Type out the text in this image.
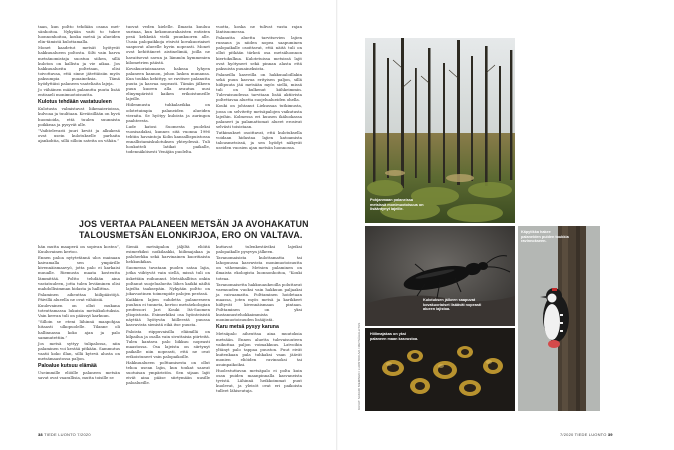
taan, kun poltto tehdään osana met-sänhoitoa. Nykyään vaiti to tukee luonnonhoitoa, koska metsä ja alueiden elin-tämistä kulottamalla.

Monet kaadetut metsät hyötyvät hakkuualueen poltosta. Silti vain harva metsänomistaja suostuu siihen, sillä kuloton on kallista ja vie aikaa. Jos hakkuualueita poltetaan, olisi toivottavaa, että sinne jätettäisiin myös paksumpia puuaineksia. Tämä hyödyttäisi palaneen vaateliaita lajeja.

Jo vähäinen määrä palanutta puuta lisää entisaeli monimuotoisuutta.

Kulotus tehdään vastatuuleen

Kulotusta valmistavat liikenaierioissa, kulvoaa ja tuulitaan. Keväisillään on hyvä huomioida, että tuulen suunnista poikkeaa ja pysyvät alle.

”Vaihtelevasti juuri kevät ja alkukesä ovat usein kulotukselle parhaita ajankohtia, sillä silloin sateita on vähän.”

tuovat veden kielelle. Ilmasta kuuluu surinaa, kun kekomuurahaisten entisten pesä kehkeää vielä puunkuoren alle. Uusia palopaikkoja etsivät kovakuoriaiset saapuvat alueelle hyvin nopeasti. Monet ovat kehittäneet aistinelimiä, joilla ne havaitsevat savun ja lämmön kymmenien kilometrien päästä.

Kovakuoriaisnaaras hakeaa lyhyen palaneen kannon, johon laskea munansa. Kun toukka kehittyy, se ravitsee palanutta puuta ja kasvaa nopeasti. Tämän jälkeen puun kuoren alla avautuu uusi elinympäristö kaiken erikoistuneille lajeille.

Hiilenmusta tuhkalaeikka on odotetuimpia palaneiden alueiden vieraita. Se hyötyy kuloista ja auringon paahteesta.

Lude katosi Suomesta puoleksi vuosisadaksi, kunnes sitä vuonna 1996 tehtiin havaintoja Kolin kansallispuistossa ennallistamiskulotuksen yhteydessä. Tuli houkutteli latikat paikalle, todennäköisesti Venäjän puolelta.

hän mutta maaperä on sopivan kostea”, Kuuluvainen kertoo.

Ennen paloa nytytetännä ulos mainaan kaivamalla sen ympärille kivennäismaavyö, jotta palo ei karkaisi muualle. Riemusta maata kosteutta lämmittää. Poltto tehdään aina vastatuuleen, jotta tulen leviäminen olisi mahdollisimman hidasta ja hallittua.

Palaminen aiheuttaa hiilipäästöjä. Päivillä alueella ne ovat vähäisiä.

Kuulevainen on ollut mukana toteuttamassa lukuisia metsäkulotuksia. Vain kerran tuli on päässyt karkuun.

”Silloin se eteni lähinnä maapohjaa hitaasti ulkopuolelle. Tilanne oli hallinnassa koko ajan ja palo sammutettiin.”

Jos metsä syttyy tulipalossa, niin palaminen voi kestää pitkään. Sammutus vaatii koko illan, sillä kytevä alusta on metsämaastossa paljon.

Paloalue kutsuu elämää

Useimmille eliöille palaneen metsän savut ovat vaarallisia, mutta toisille se

Sieniä metsäpalon jäljiltä eliöitä esimerkiksi noikilaakki, hiilimajakaa ja paloherkka sekä harvinainen kuoritiaista hehkuukikas.

Suomessa tavataan puolen sataa lajia, jotka viihtyvät vain siellä, missä tuli on äskettäin roihunnut. Metsähallitus onkin poltanut suojelualueita lähes kaikki näiltä lajeilta taaksepäin. Nykyään poltto on jokavuotinen toimenpide palojen perässä.

Kaikkien lajien suhdetta palaneeseen puuhun ei tunneta, kertoo metsäekologian professori Jari Kouki Itä-Suomen yliopistosta. Esimerkiksi osa hyönteisistä näyttää hyötyvän hiilleestä puussa kasvavista sienistä eikä itse puusta.

Paloista riippuvaisilla eläimillä on kilpailua ja osalla vain sivuttaisia piirteitä. Tulen kantava palo liikkuu nopeasti maastossa. Osa lajeista on siirtynyt paikalle niin nopeasti, että ne ovat erikoistuneet vain palopaikoille.

Hakkuualueen polttamisesta on ollut tehoa usean lajin, kun toukat saavat suotuisan ympäristön. Sen sijaan lajit eivät aina pääse siirtymään uusille paloalueille.

38 TIEDE LUONTO 7/2020

vuotta, koska ne tulivat vasta rajan läntisuomessa.

Palanutta aluetta tarvitsevien lajien runsaus ja niiden nopea saapuminen palopaikalle osoittavat, että näitä tuli on ollut pitkään tärkeä osa metsäluonnon kiertokulkua. Kulotetuissa metsissä lajit ovat hyötyneet sekä pinnan alasta että paksuista puuaineksista.

Palaneilla kasveilla on hakkuualoillakin sekä puun kasvua erityisen paljon, sillä hiilipuuta jää metsään myös siellä, missä tuli on kulkenut kiihkeimmin. Tulevaisuudessa tarvitaan lisää aktiivista poltettavaa aluetta suojelualueiden ohella.

Kouki on johtanut Liekussaa tutkimusta, jossa on selvitetty metsäpalojen vaikutusta lajeihin. Kolmessa eri kuusen ikäluokassa palaneet ja palamattomat alueet erosivat selvästi toisistaan.

Tutkimukset osoittavat, että kulotuksella voidaan hidastaa lajien katoamista talousmetsissä, ja sen hyödyt näkyvät useiden vuosien ajan metsän luonnossa.

kuttavat tulenkestäviksi lajeiksi palopaikalle pysyvyn jälkeen.

Tavanomaisista kulottamatta tai lahopuussa kasvavista monimuotoisuutta on vähemmän. Metsien palaminen on ilmaista ekologista luonnonhoitoa, ”Kouki toteaa.

Tavanomaisetta hakkuuaukeoilla poluttavat varmuuden vuoksi vain hakkuun paljaaksi ja raivaamatta. Polttaminen hoidetaan maassa, joten myös metsä ja karikkeet hiiltyvät kivennäismaan pintaan. Polttaminen on yksi kustannustehokkaimmista monimuotoisuuden lisääjistä.

Karu metsä pysyy karuna

Metsäpalo aiheuttaa aina muutoksia metsään. Ennen aluetta tulevaisuuteen vaikuttaa paljon voimakkuus. Latvoihin yltänyt palo tappaa puuston. Puut eivät kuitenkaan pala tuhkaksi vaan jäävät monien eliöiden ravinnoksi tai asuinpaikoiksi.

Huolestuttavan metsäpalo ei polta kuin osan puiden maanpinnalla kasvaneista tyvistä. Lähinnä heikkoimmat puut kuolevat, ja yleisöt ovat eri paikoista tulleet lähiseutuja.

JOS VERTAA PALANEEN METSÄN JA AVOHAKATUN
TALOUSMETSÄN ELONKIRJOA, ERO ON VALTAVA.
Pohjanmaan palaneissa metsissä monimuotoisuus on lisääntynyt lajeille.
Kulotuksen jälkeen saapuvat kovakuoriaiset lisäävät nopeasti alueen lajistoa.
Käpytikka hakee palaneiden puiden toukkia ravinnokseen.
Hiilimajakas on yksi palaneen maan kasvustoa.
KUVAT: SAKARI NIEMINEN / LUONTOKUVA / METSÄHALLITUS
7/2020 TIEDE LUONTO 39
